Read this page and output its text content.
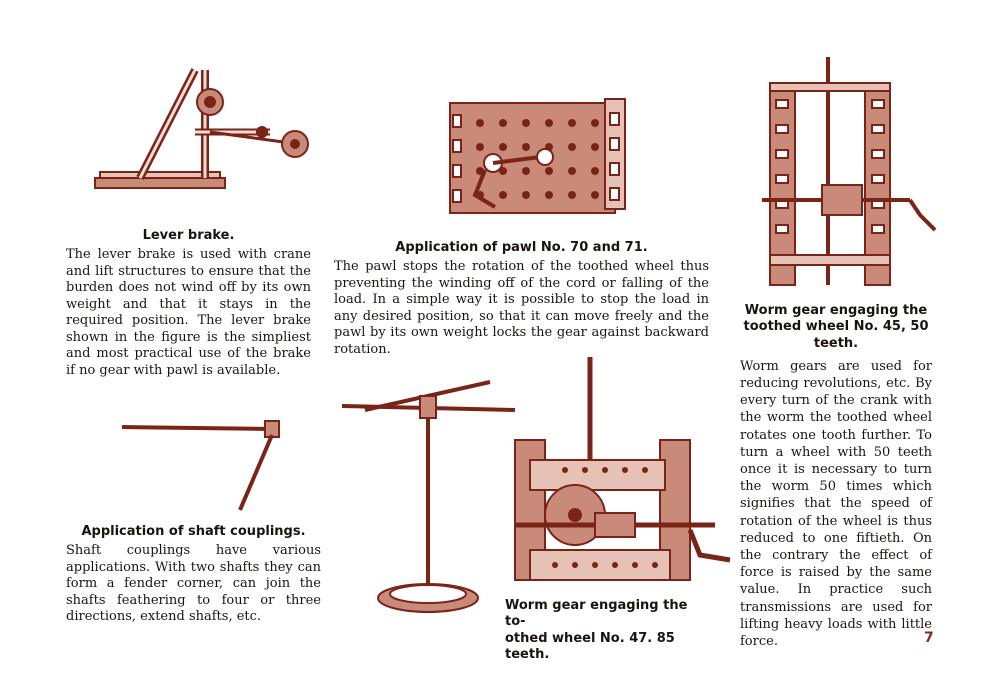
Lever brake.

The lever brake is used with crane and lift structures to ensure that the burden does not wind off by its own weight and that it stays in the required position. The lever brake shown in the figure is the simpliest and most practical use of the brake if no gear with pawl is available.

Application of pawl No. 70 and 71.

The pawl stops the rotation of the toothed wheel thus preventing the winding off of the cord or falling of the load. In a simple way it is possible to stop the load in any desired position, so that it can move freely and the pawl by its own weight locks the gear against backward rotation.

Worm gear engaging the

toothed wheel No. 45, 50 teeth.

Worm gears are used for reducing revolutions, etc. By every turn of the crank with the worm the toothed wheel rotates one tooth further. To turn a wheel with 50 teeth once it is necessary to turn the worm 50 times which signifies that the speed of rotation of the wheel is thus reduced to one fiftieth. On the contrary the effect of force is raised by the same value. In practice such transmissions are used for lifting heavy loads with little force.

Application of shaft couplings.

Shaft couplings have various applications. With two shafts they can form a fender corner, can join the shafts feathering to four or three directions, extend shafts, etc.

Worm gear engaging the to-

othed wheel No. 47. 85 teeth.

7
